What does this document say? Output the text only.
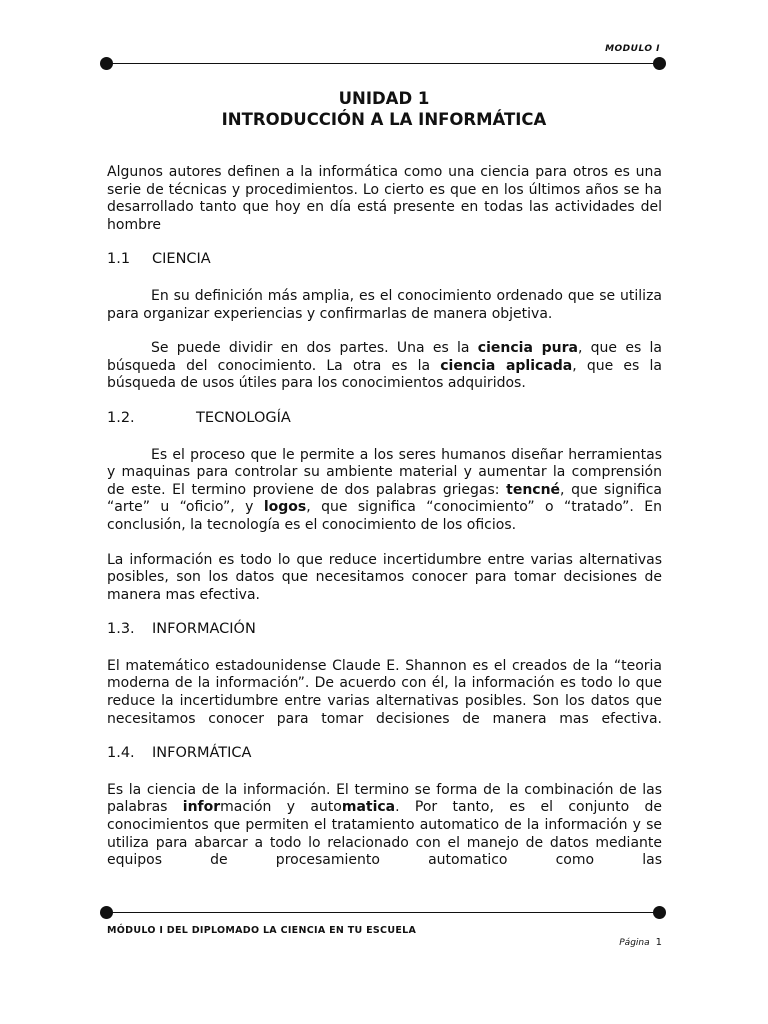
MODULO I
UNIDAD 1
INTRODUCCIÓN A LA INFORMÁTICA

Algunos autores definen a la informática como una ciencia para otros es una serie de técnicas y procedimientos. Lo cierto es que en los últimos años se ha desarrollado tanto que hoy en día está presente en todas las actividades del hombre

1.1	CIENCIA

En su definición más amplia, es el conocimiento ordenado que se utiliza para organizar experiencias y confirmarlas de manera objetiva.

Se puede dividir en dos partes. Una es la ciencia pura, que es la búsqueda del conocimiento. La otra es la ciencia aplicada, que es la búsqueda de usos útiles para los conocimientos adquiridos.

1.2.	TECNOLOGÍA

Es el proceso que le permite a los seres humanos diseñar herramientas y maquinas para controlar su ambiente material y aumentar la comprensión de este. El termino proviene de dos palabras griegas: tencné, que significa “arte” u “oficio”, y logos, que significa “conocimiento” o “tratado”. En conclusión, la tecnología es el conocimiento de los oficios.

La información es todo lo que reduce incertidumbre entre varias alternativas posibles, son los datos que necesitamos conocer para tomar decisiones de manera mas efectiva.

1.3.	INFORMACIÓN

El matemático estadounidense Claude E. Shannon es el creados de la “teoria moderna de la información”. De acuerdo con él, la información es todo lo que reduce la incertidumbre entre varias alternativas posibles. Son los datos que necesitamos conocer para tomar decisiones de manera mas efectiva.

1.4.	INFORMÁTICA

Es la ciencia de la información. El termino se forma de la combinación de las palabras información y automatica. Por tanto, es el conjunto de conocimientos que permiten el tratamiento automatico de la información y se utiliza para abarcar a todo lo relacionado con el manejo de datos mediante equipos de procesamiento automatico como las

MÓDULO I DEL DIPLOMADO LA CIENCIA EN TU ESCUELA
Página 1
